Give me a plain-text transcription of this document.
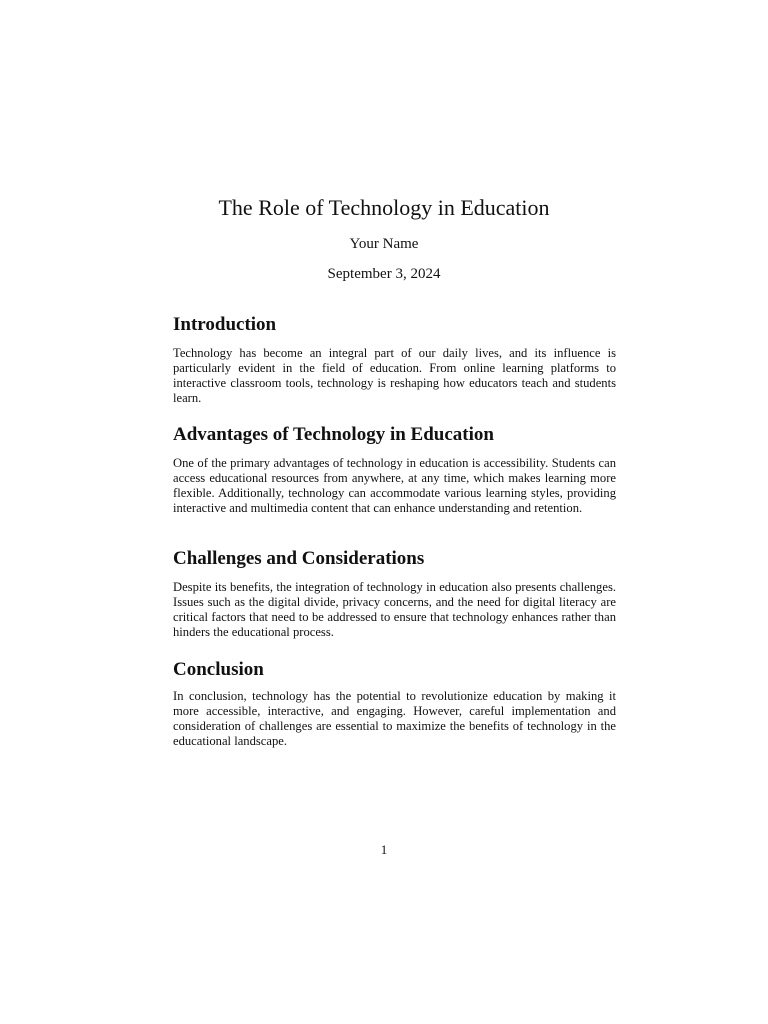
The Role of Technology in Education
Your Name
September 3, 2024
Introduction

Technology has become an integral part of our daily lives, and its influence is particularly evident in the field of education. From online learning platforms to interactive classroom tools, technology is reshaping how educators teach and students learn.

Advantages of Technology in Education

One of the primary advantages of technology in education is accessibility. Students can access educational resources from anywhere, at any time, which makes learning more flexible. Additionally, technology can accommodate various learning styles, providing interactive and multimedia content that can enhance understanding and retention.

Challenges and Considerations

Despite its benefits, the integration of technology in education also presents challenges. Issues such as the digital divide, privacy concerns, and the need for digital literacy are critical factors that need to be addressed to ensure that technology enhances rather than hinders the educational process.

Conclusion

In conclusion, technology has the potential to revolutionize education by making it more accessible, interactive, and engaging. However, careful implementation and consideration of challenges are essential to maximize the benefits of technology in the educational landscape.

1
